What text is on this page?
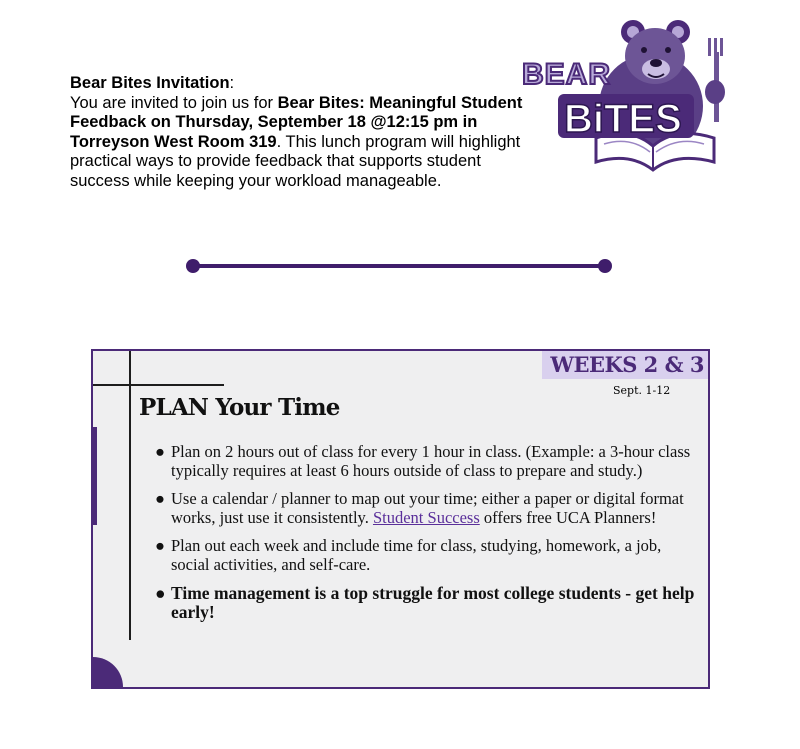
Bear Bites Invitation:
You are invited to join us for Bear Bites: Meaningful Student Feedback on Thursday, September 18 @12:15 pm in Torreyson West Room 319. This lunch program will highlight practical ways to provide feedback that supports student success while keeping your workload manageable.
BEAR
BiTES
WEEKS 2 & 3
Sept. 1-12
PLAN Your Time
● Plan on 2 hours out of class for every 1 hour in class. (Example: a 3-hour class typically requires at least 6 hours outside of class to prepare and study.)
● Use a calendar / planner to map out your time; either a paper or digital format works, just use it consistently. Student Success offers free UCA Planners!
● Plan out each week and include time for class, studying, homework, a job, social activities, and self-care.
● Time management is a top struggle for most college students - get help early!
